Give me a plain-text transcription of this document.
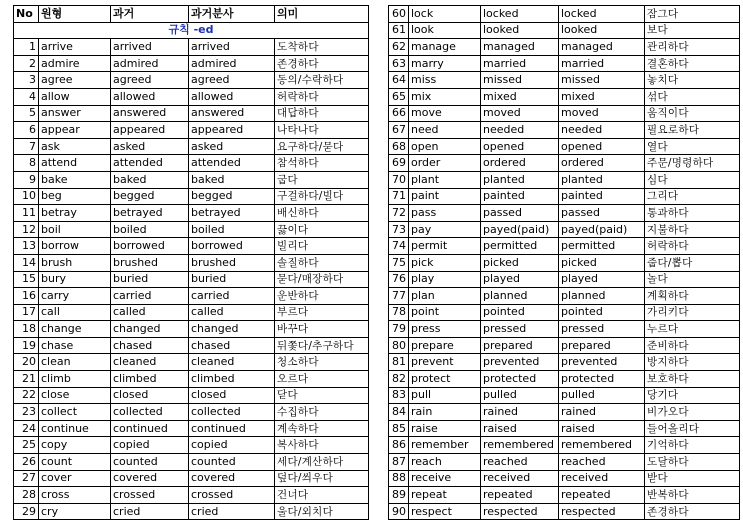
No	원형	과거	과거분사	의미
규칙 -ed				
1	arrive	arrived	arrived	도착하다
2	admire	admired	admired	존경하다
3	agree	agreed	agreed	동의/수락하다
4	allow	allowed	allowed	허락하다
5	answer	answered	answered	대답하다
6	appear	appeared	appeared	나타나다
7	ask	asked	asked	요구하다/묻다
8	attend	attended	attended	참석하다
9	bake	baked	baked	굽다
10	beg	begged	begged	구걸하다/빌다
11	betray	betrayed	betrayed	배신하다
12	boil	boiled	boiled	끓이다
13	borrow	borrowed	borrowed	빌리다
14	brush	brushed	brushed	솔질하다
15	bury	buried	buried	묻다/매장하다
16	carry	carried	carried	운반하다
17	call	called	called	부르다
18	change	changed	changed	바꾸다
19	chase	chased	chased	뒤쫓다/추구하다
20	clean	cleaned	cleaned	청소하다
21	climb	climbed	climbed	오르다
22	close	closed	closed	닫다
23	collect	collected	collected	수집하다
24	continue	continued	continued	계속하다
25	copy	copied	copied	복사하다
26	count	counted	counted	세다/계산하다
27	cover	covered	covered	덮다/씌우다
28	cross	crossed	crossed	건너다
29	cry	cried	cried	울다/외치다
60	lock	locked	locked	잠그다
61	look	looked	looked	보다
62	manage	managed	managed	관리하다
63	marry	married	married	결혼하다
64	miss	missed	missed	놓치다
65	mix	mixed	mixed	섞다
66	move	moved	moved	움직이다
67	need	needed	needed	필요로하다
68	open	opened	opened	열다
69	order	ordered	ordered	주문/명령하다
70	plant	planted	planted	심다
71	paint	painted	painted	그리다
72	pass	passed	passed	통과하다
73	pay	payed(paid)	payed(paid)	지불하다
74	permit	permitted	permitted	허락하다
75	pick	picked	picked	줍다/뽑다
76	play	played	played	놀다
77	plan	planned	planned	계획하다
78	point	pointed	pointed	가리키다
79	press	pressed	pressed	누르다
80	prepare	prepared	prepared	준비하다
81	prevent	prevented	prevented	방지하다
82	protect	protected	protected	보호하다
83	pull	pulled	pulled	당기다
84	rain	rained	rained	비가오다
85	raise	raised	raised	들어올리다
86	remember	remembered	remembered	기억하다
87	reach	reached	reached	도달하다
88	receive	received	received	받다
89	repeat	repeated	repeated	반복하다
90	respect	respected	respected	존경하다
